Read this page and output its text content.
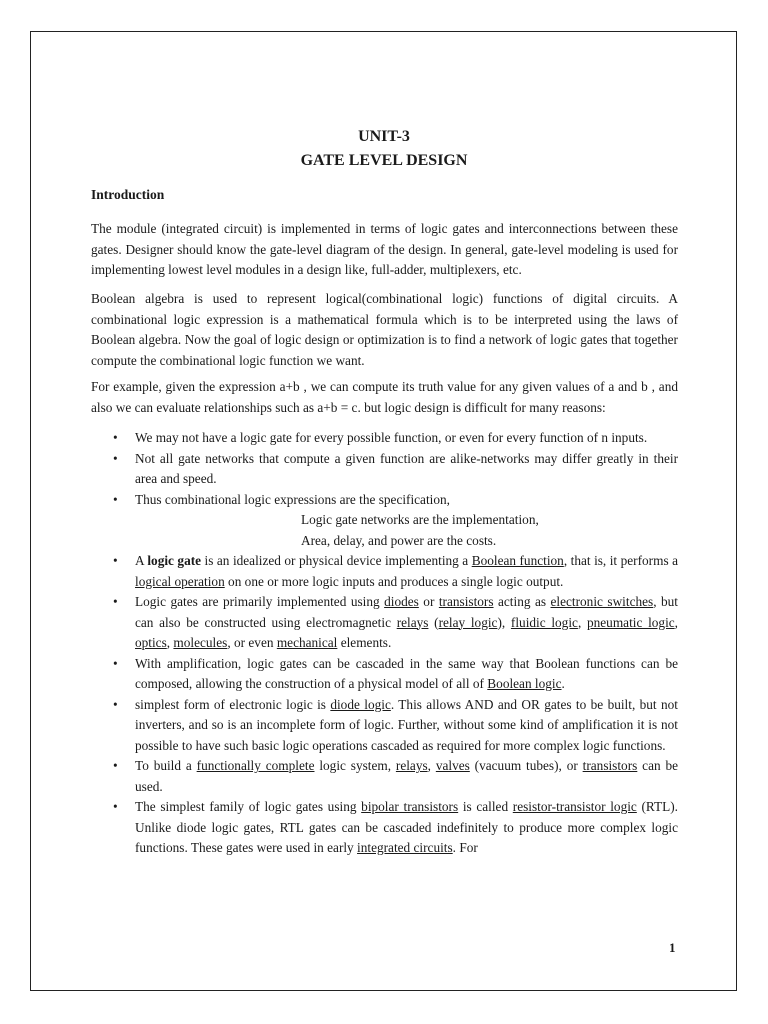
UNIT-3
GATE LEVEL DESIGN
Introduction

The module (integrated circuit) is implemented in terms of logic gates and interconnections between these gates. Designer should know the gate-level diagram of the design. In general, gate-level modeling is used for implementing lowest level modules in a design like, full-adder, multiplexers, etc.

Boolean algebra is used to represent logical(combinational logic) functions of digital circuits. A combinational logic expression is a mathematical formula which is to be interpreted using the laws of Boolean algebra. Now the goal of logic design or optimization is to find a network of logic gates that together compute the combinational logic function we want.

For example, given the expression a+b , we can compute its truth value for any given values of a and b , and also we can evaluate relationships such as a+b = c. but logic design is difficult for many reasons:

• We may not have a logic gate for every possible function, or even for every function of n inputs.
• Not all gate networks that compute a given function are alike-networks may differ greatly in their area and speed.
• Thus combinational logic expressions are the specification,
Logic gate networks are the implementation,
Area, delay, and power are the costs.
• A logic gate is an idealized or physical device implementing a Boolean function, that is, it performs a logical operation on one or more logic inputs and produces a single logic output.
• Logic gates are primarily implemented using diodes or transistors acting as electronic switches, but can also be constructed using electromagnetic relays (relay logic), fluidic logic, pneumatic logic, optics, molecules, or even mechanical elements.
• With amplification, logic gates can be cascaded in the same way that Boolean functions can be composed, allowing the construction of a physical model of all of Boolean logic.
• simplest form of electronic logic is diode logic. This allows AND and OR gates to be built, but not inverters, and so is an incomplete form of logic. Further, without some kind of amplification it is not possible to have such basic logic operations cascaded as required for more complex logic functions.
• To build a functionally complete logic system, relays, valves (vacuum tubes), or transistors can be used.
• The simplest family of logic gates using bipolar transistors is called resistor-transistor logic (RTL). Unlike diode logic gates, RTL gates can be cascaded indefinitely to produce more complex logic functions. These gates were used in early integrated circuits. For
1
